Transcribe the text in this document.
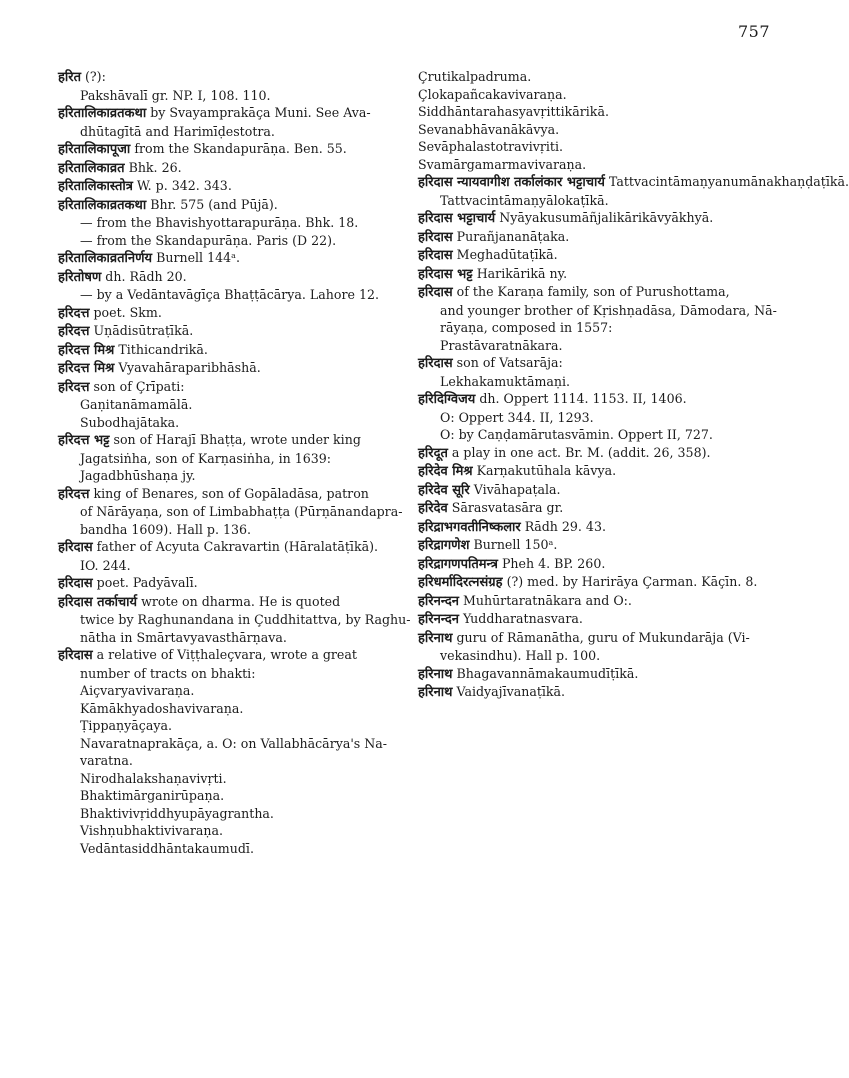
757
हरित (?):
Pakshāvalī gr. NP. I, 108. 110.
हरितालिकाव्रतकथा by Svayamprakāça Muni. See Ava-
dhūtagītā and Harimīḍestotra.
हरितालिकापूजा from the Skandapurāṇa. Ben. 55.
हरितालिकाव्रत Bhk. 26.
हरितालिकास्तोत्र W. p. 342. 343.
हरितालिकाव्रतकथा Bhr. 575 (and Pūjā).
— from the Bhavishyottarapurāṇa. Bhk. 18.
— from the Skandapurāṇa. Paris (D 22).
हरितालिकाव्रतनिर्णय Burnell 144ᵃ.
हरितोषण dh. Rādh 20.
— by a Vedāntavāgīça Bhaṭṭācārya. Lahore 12.
हरिदत्त poet. Skm.
हरिदत्त Uṇādisūtraṭīkā.
हरिदत्त मिश्र Tithicandrikā.
हरिदत्त मिश्र Vyavahāraparibhāshā.
हरिदत्त son of Çrīpati:
Gaṇitanāmamālā.
Subodhajātaka.
हरिदत्त भट्ट son of Harajī Bhaṭṭa, wrote under king
Jagatsiṅha, son of Karṇasiṅha, in 1639:
Jagadbhūshaṇa jy.
हरिदत्त king of Benares, son of Gopāladāsa, patron
of Nārāyaṇa, son of Limbabhaṭṭa (Pūrṇānandapra-
bandha 1609). Hall p. 136.
हरिदास father of Acyuta Cakravartin (Hāralatāṭīkā).
IO. 244.
हरिदास poet. Padyāvalī.
हरिदास तर्काचार्य wrote on dharma. He is quoted
twice by Raghunandana in Çuddhitattva, by Raghu-
nātha in Smārtavyavasthārṇava.
हरिदास a relative of Viṭṭhaleçvara, wrote a great
number of tracts on bhakti:
Aiçvaryavivaraṇa.
Kāmākhyadoshavivaraṇa.
Ṭippaṇyāçaya.
Navaratnaprakāça, a. O: on Vallabhācārya's Na-
varatna.
Nirodhalakshaṇavivṛti.
Bhaktimārganirūpaṇa.
Bhaktivivṛiddhyupāyagrantha.
Vishṇubhaktivivaraṇa.
Vedāntasiddhāntakaumudī.
Çrutikalpadruma.
Çlokapañcakavivaraṇa.
Siddhāntarahasyavṛittikārikā.
Sevanabhāvanākāvya.
Sevāphalastotravivṛiti.
Svamārgamarmavivaraṇa.
हरिदास न्यायवागीश तर्कालंकार भट्टाचार्य Tattvacintāmaṇyanumānakhaṇḍaṭīkā.
Tattvacintāmaṇyālokaṭīkā.
हरिदास भट्टाचार्य Nyāyakusumāñjalikārikāvyākhyā.
हरिदास Purañjananāṭaka.
हरिदास Meghadūtaṭīkā.
हरिदास भट्ट Harikārikā ny.
हरिदास of the Karaṇa family, son of Purushottama,
and younger brother of Kṛishṇadāsa, Dāmodara, Nā-
rāyaṇa, composed in 1557:
Prastāvaratnākara.
हरिदास son of Vatsarāja:
Lekhakamuktāmaṇi.
हरिदिग्विजय dh. Oppert 1114. 1153. II, 1406.
O: Oppert 344. II, 1293.
O: by Caṇḍamārutasvāmin. Oppert II, 727.
हरिदूत a play in one act. Br. M. (addit. 26, 358).
हरिदेव मिश्र Karṇakutūhala kāvya.
हरिदेव सूरि Vivāhapaṭala.
हरिदेव Sārasvatasāra gr.
हरिद्राभगवतीनिष्कलार Rādh 29. 43.
हरिद्रागणेश Burnell 150ᵃ.
हरिद्रागणपतिमन्त्र Pheh 4. BP. 260.
हरिधर्मादिरत्नसंग्रह (?) med. by Harirāya Çarman. Kāçīn. 8.
हरिनन्दन Muhūrtaratnākara and O:.
हरिनन्दन Yuddharatnasvara.
हरिनाथ guru of Rāmanātha, guru of Mukundarāja (Vi-
vekasindhu). Hall p. 100.
हरिनाथ Bhagavannāmakaumudīṭīkā.
हरिनाथ Vaidyajīvanaṭīkā.
